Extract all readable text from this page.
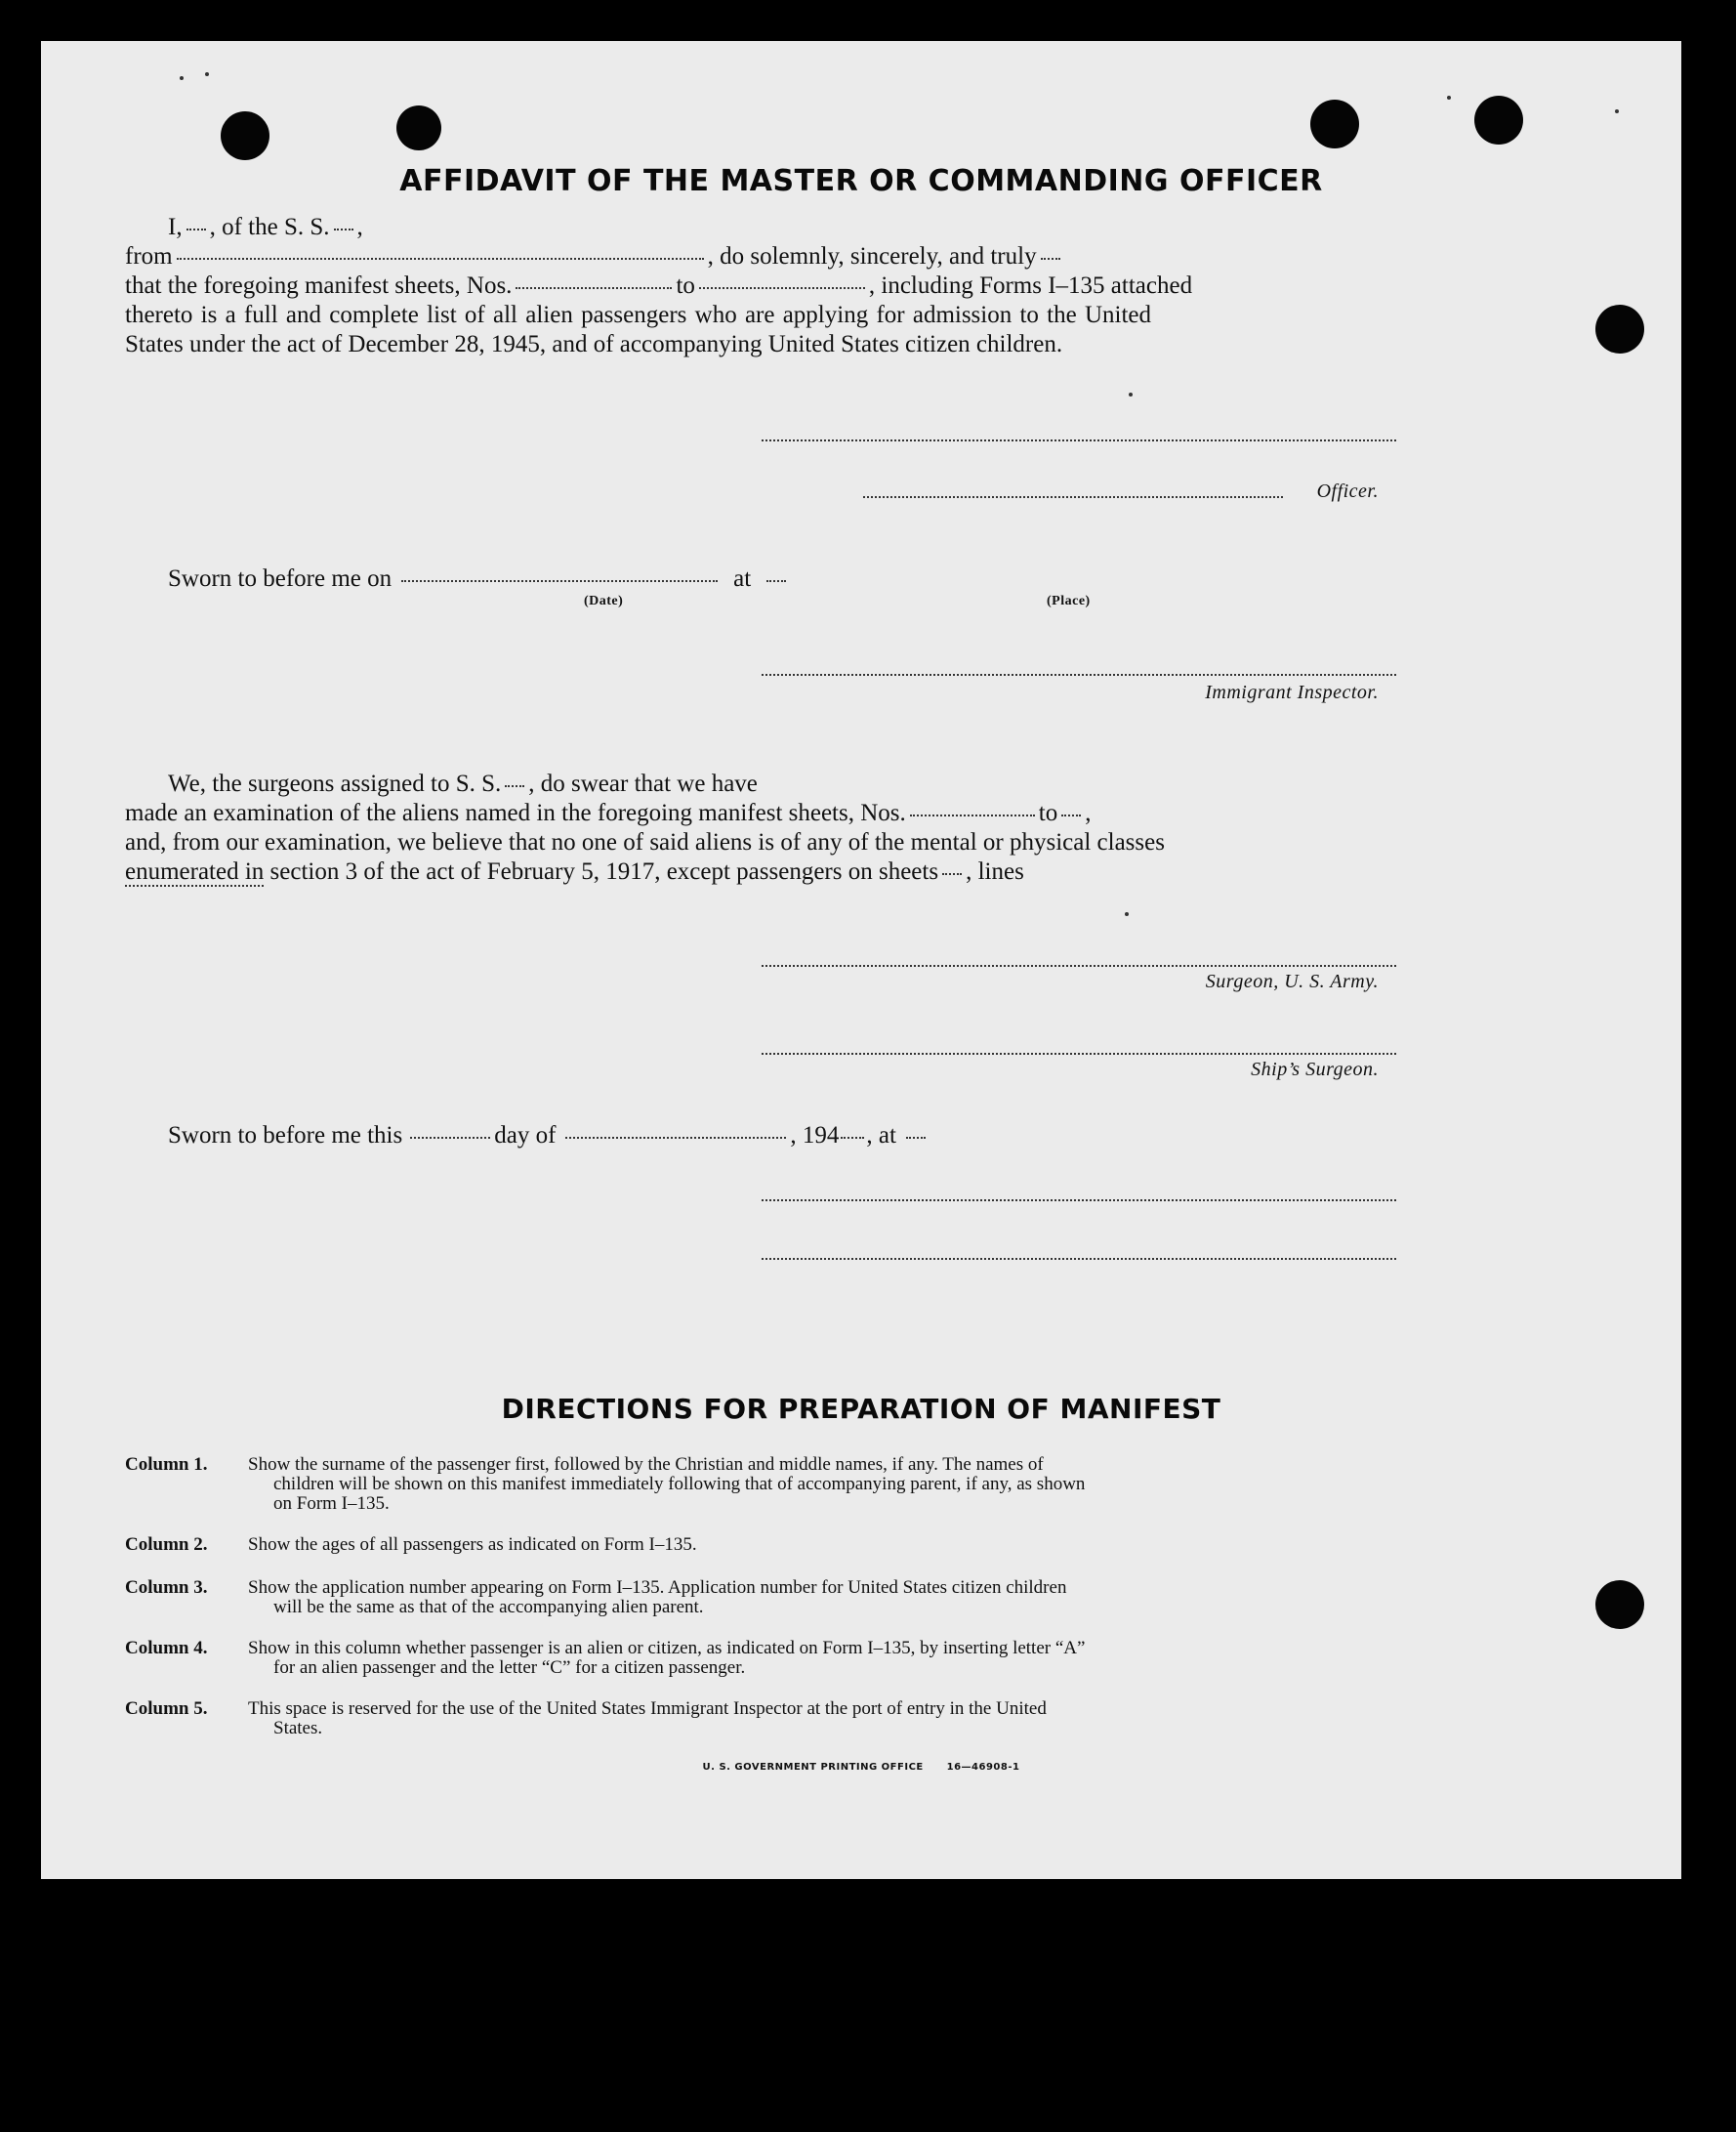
AFFIDAVIT OF THE MASTER OR COMMANDING OFFICER
I, , of the S. S. ,
from	, do solemnly, sincerely, and truly
that the foregoing manifest sheets, Nos.	to	, including Forms I–135 attached
thereto is a full and complete list of all alien passengers who are applying for admission to the United
States under the act of December 28, 1945, and of accompanying United States citizen children.
Officer.
Sworn to before me on	at
(Date)	(Place)
Immigrant Inspector.
We, the surgeons assigned to S. S. , do swear that we have
made an examination of the aliens named in the foregoing manifest sheets, Nos.	to ,
and, from our examination, we believe that no one of said aliens is of any of the mental or physical classes
enumerated in section 3 of the act of February 5, 1917, except passengers on sheets , lines
Surgeon, U. S. Army.
Ship’s Surgeon.
Sworn to before me this	day of	, 194 , at
DIRECTIONS FOR PREPARATION OF MANIFEST
Column 1.	Show the surname of the passenger first, followed by the Christian and middle names, if any. The names of
children will be shown on this manifest immediately following that of accompanying parent, if any, as shown
on Form I–135.
Column 2.	Show the ages of all passengers as indicated on Form I–135.
Column 3.	Show the application number appearing on Form I–135. Application number for United States citizen children
will be the same as that of the accompanying alien parent.
Column 4.	Show in this column whether passenger is an alien or citizen, as indicated on Form I–135, by inserting letter “A”
for an alien passenger and the letter “C” for a citizen passenger.
Column 5.	This space is reserved for the use of the United States Immigrant Inspector at the port of entry in the United
States.
U. S. GOVERNMENT PRINTING OFFICE      16—46908-1
